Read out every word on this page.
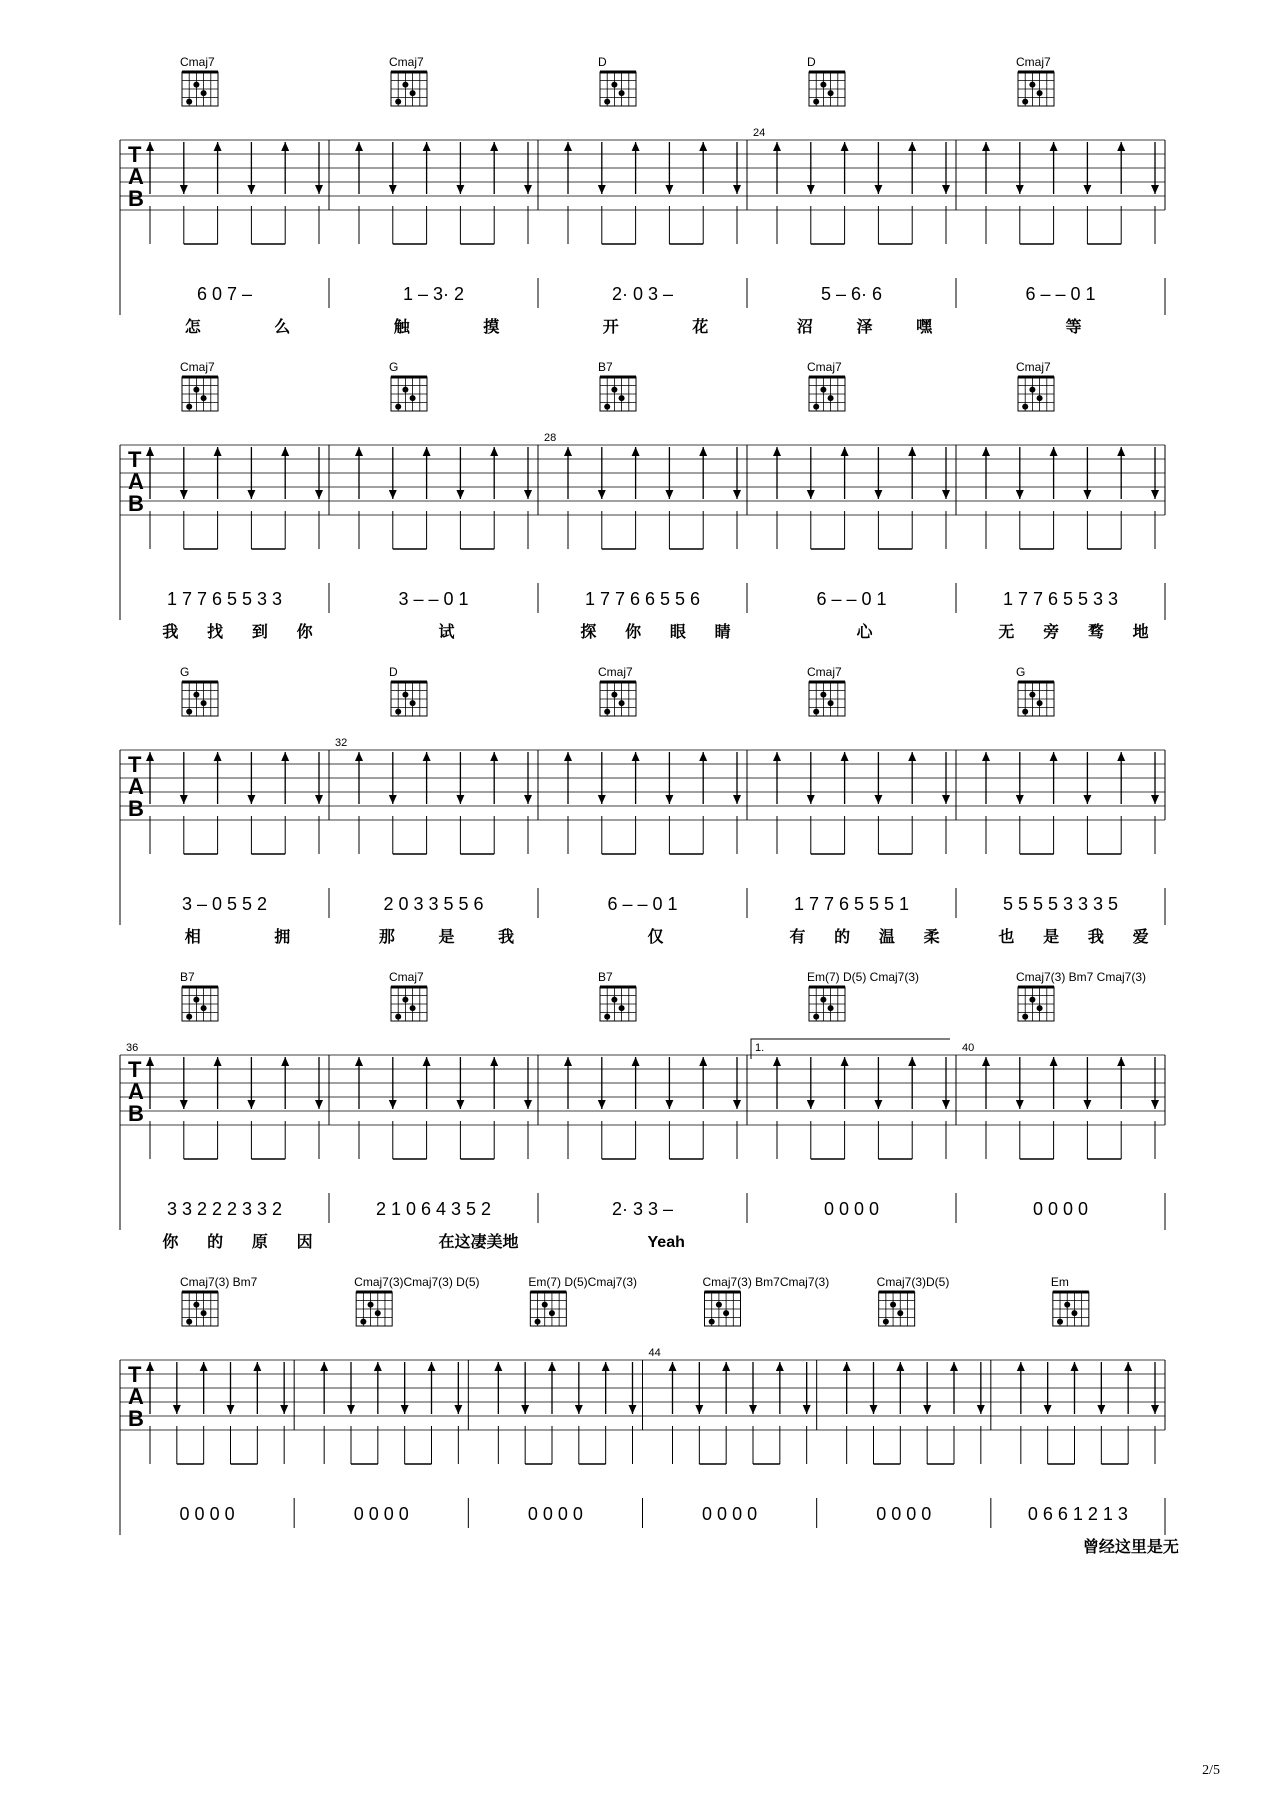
T
A
B
Cmaj7
6 0 7 –
怎	么
Cmaj7
1 – 3· 2
触	摸
D
2· 0 3 –
开	花
D
24
5 – 6· 6
沼	泽	嘿
Cmaj7
6 – – 0 1
等
T
A
B
Cmaj7
1 7 7 6 5 5 3 3
我 找 到 你
G
3 – – 0 1
试
B7
28
1 7 7 6 6 5 5 6
探 你 眼 睛
Cmaj7
6 – – 0 1
心
Cmaj7
1 7 7 6 5 5 3 3
无 旁 骛 地
T
A
B
G
3 – 0 5 5 2
相	拥
D
32
2 0 3 3 5 5 6
那	是	我
Cmaj7
6 – – 0 1
仅
Cmaj7
1 7 7 6 5 5 5 1
有 的 温 柔
G
5 5 5 5 3 3 3 5
也 是 我 爱
T
A
B
B7
36
3 3 2 2 2 3 3 2
你 的 原 因
Cmaj7
2 1 0 6 4 3 5 2
在这凄美地
B7
2· 3 3 –
Yeah
Em(7) D(5) Cmaj7(3)
1.
0 0 0 0
Cmaj7(3) Bm7 Cmaj7(3)
40
0 0 0 0
T
A
B
Cmaj7(3) Bm7
0 0 0 0
Cmaj7(3)Cmaj7(3) D(5)
0 0 0 0
Em(7) D(5)Cmaj7(3)
0 0 0 0
Cmaj7(3) Bm7Cmaj7(3)
44
0 0 0 0
Cmaj7(3)D(5)
0 0 0 0
Em
0 6 6 1 2 1 3
曾经这里是无
2/5
